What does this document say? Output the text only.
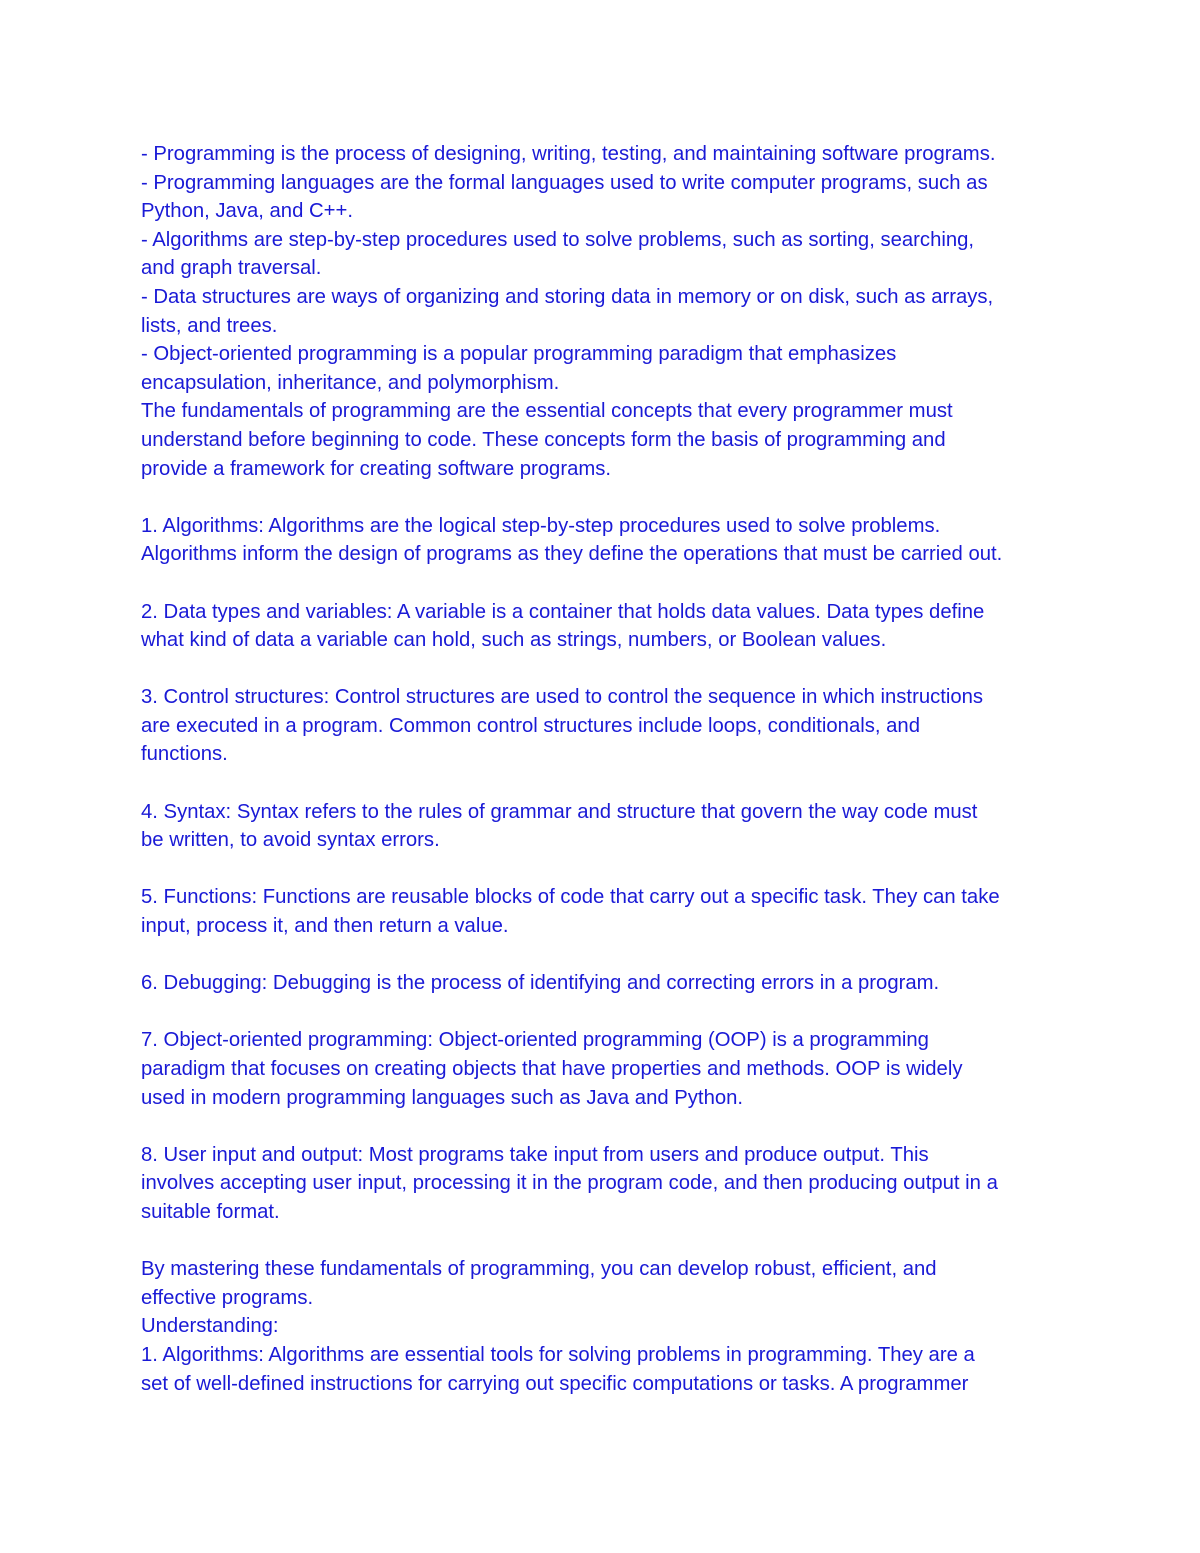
- Programming is the process of designing, writing, testing, and maintaining software programs.
- Programming languages are the formal languages used to write computer programs, such as
Python, Java, and C++.
- Algorithms are step-by-step procedures used to solve problems, such as sorting, searching,
and graph traversal.
- Data structures are ways of organizing and storing data in memory or on disk, such as arrays,
lists, and trees.
- Object-oriented programming is a popular programming paradigm that emphasizes
encapsulation, inheritance, and polymorphism.
The fundamentals of programming are the essential concepts that every programmer must
understand before beginning to code. These concepts form the basis of programming and
provide a framework for creating software programs.
1. Algorithms: Algorithms are the logical step-by-step procedures used to solve problems.
Algorithms inform the design of programs as they define the operations that must be carried out.
2. Data types and variables: A variable is a container that holds data values. Data types define
what kind of data a variable can hold, such as strings, numbers, or Boolean values.
3. Control structures: Control structures are used to control the sequence in which instructions
are executed in a program. Common control structures include loops, conditionals, and
functions.
4. Syntax: Syntax refers to the rules of grammar and structure that govern the way code must
be written, to avoid syntax errors.
5. Functions: Functions are reusable blocks of code that carry out a specific task. They can take
input, process it, and then return a value.
6. Debugging: Debugging is the process of identifying and correcting errors in a program.
7. Object-oriented programming: Object-oriented programming (OOP) is a programming
paradigm that focuses on creating objects that have properties and methods. OOP is widely
used in modern programming languages such as Java and Python.
8. User input and output: Most programs take input from users and produce output. This
involves accepting user input, processing it in the program code, and then producing output in a
suitable format.
By mastering these fundamentals of programming, you can develop robust, efficient, and
effective programs.
Understanding:
1. Algorithms: Algorithms are essential tools for solving problems in programming. They are a
set of well-defined instructions for carrying out specific computations or tasks. A programmer
